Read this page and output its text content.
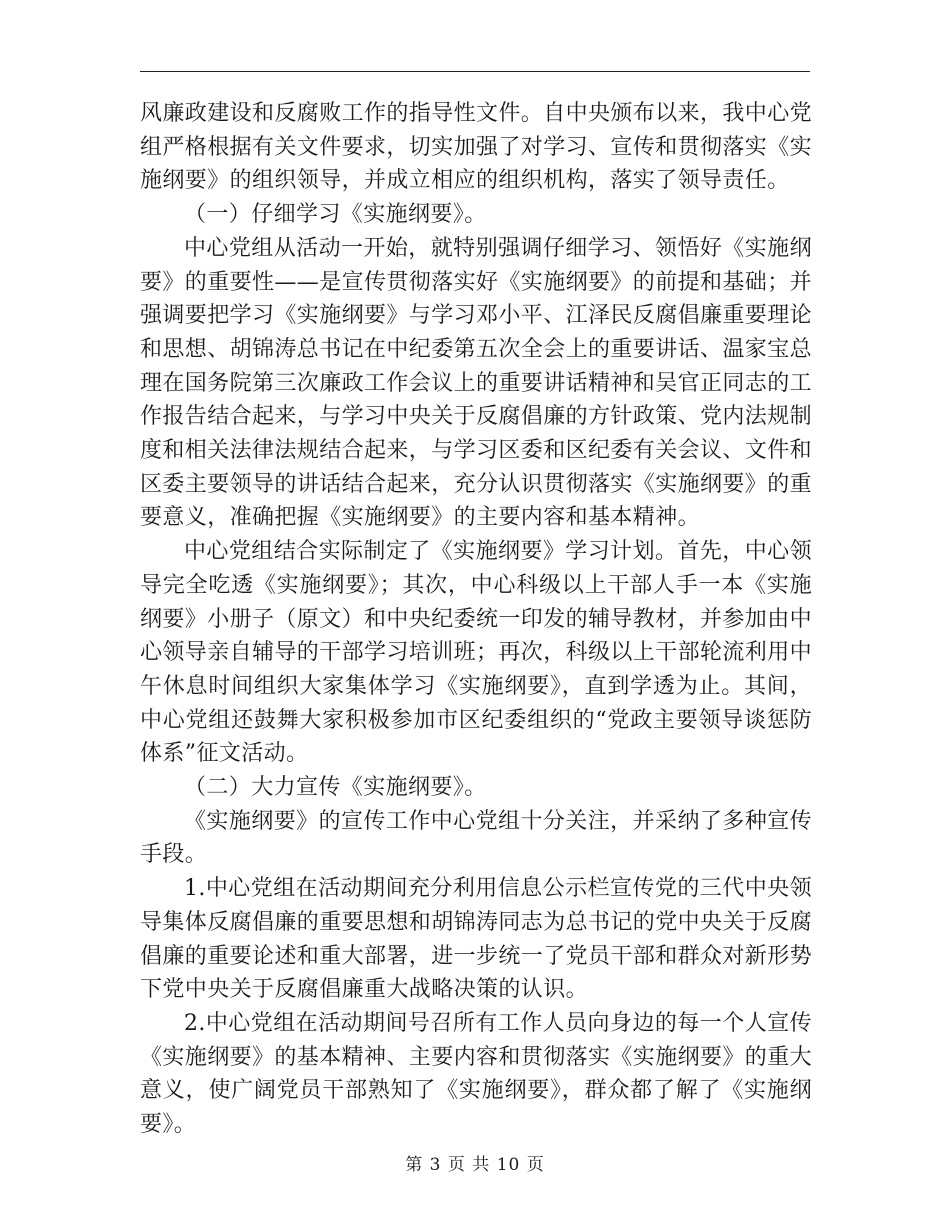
风廉政建设和反腐败工作的指导性文件。自中央颁布以来，我中心党组严格根据有关文件要求，切实加强了对学习、宣传和贯彻落实《实施纲要》的组织领导，并成立相应的组织机构，落实了领导责任。

（一）仔细学习《实施纲要》。

中心党组从活动一开始，就特别强调仔细学习、领悟好《实施纲要》的重要性——是宣传贯彻落实好《实施纲要》的前提和基础；并强调要把学习《实施纲要》与学习邓小平、江泽民反腐倡廉重要理论和思想、胡锦涛总书记在中纪委第五次全会上的重要讲话、温家宝总理在国务院第三次廉政工作会议上的重要讲话精神和吴官正同志的工作报告结合起来，与学习中央关于反腐倡廉的方针政策、党内法规制度和相关法律法规结合起来，与学习区委和区纪委有关会议、文件和区委主要领导的讲话结合起来，充分认识贯彻落实《实施纲要》的重要意义，准确把握《实施纲要》的主要内容和基本精神。

中心党组结合实际制定了《实施纲要》学习计划。首先，中心领导完全吃透《实施纲要》；其次，中心科级以上干部人手一本《实施纲要》小册子（原文）和中央纪委统一印发的辅导教材，并参加由中心领导亲自辅导的干部学习培训班；再次，科级以上干部轮流利用中午休息时间组织大家集体学习《实施纲要》，直到学透为止。其间，中心党组还鼓舞大家积极参加市区纪委组织的“党政主要领导谈惩防体系”征文活动。

（二）大力宣传《实施纲要》。

《实施纲要》的宣传工作中心党组十分关注，并采纳了多种宣传手段。

1.中心党组在活动期间充分利用信息公示栏宣传党的三代中央领导集体反腐倡廉的重要思想和胡锦涛同志为总书记的党中央关于反腐倡廉的重要论述和重大部署，进一步统一了党员干部和群众对新形势下党中央关于反腐倡廉重大战略决策的认识。

2.中心党组在活动期间号召所有工作人员向身边的每一个人宣传《实施纲要》的基本精神、主要内容和贯彻落实《实施纲要》的重大意义，使广阔党员干部熟知了《实施纲要》，群众都了解了《实施纲要》。

第 3 页 共 10 页
